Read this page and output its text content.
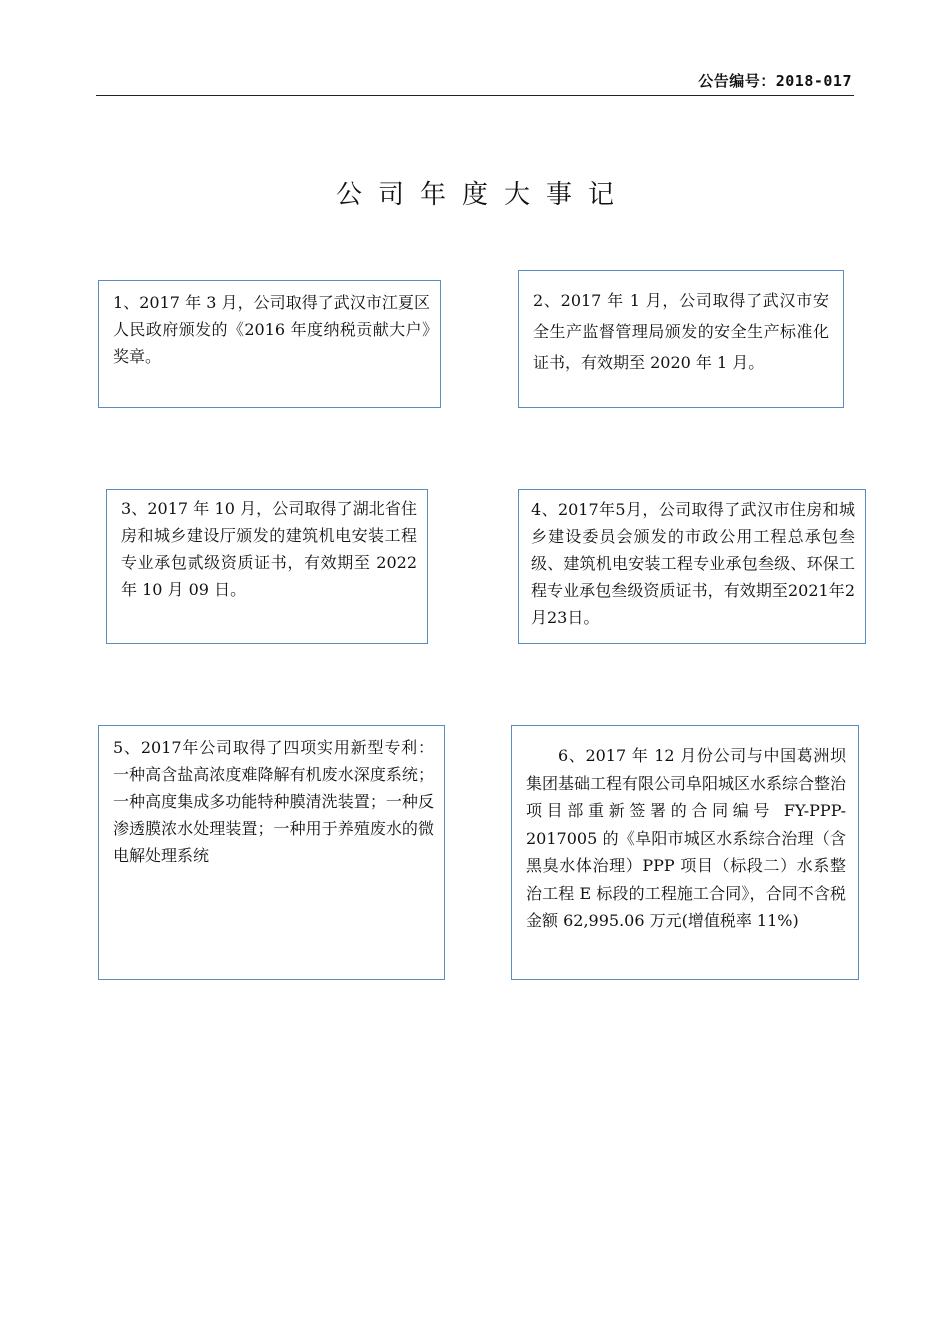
公告编号：2018-017
公司年度大事记

1、2017 年 3 月，公司取得了武汉市江夏区人民政府颁发的《2016 年度纳税贡献大户》奖章。

2、2017 年 1 月，公司取得了武汉市安全生产监督管理局颁发的安全生产标准化证书，有效期至 2020 年 1 月。

3、2017 年 10 月，公司取得了湖北省住房和城乡建设厅颁发的建筑机电安装工程专业承包贰级资质证书，有效期至 2022 年 10 月 09 日。

4、2017年5月，公司取得了武汉市住房和城乡建设委员会颁发的市政公用工程总承包叁级、建筑机电安装工程专业承包叁级、环保工程专业承包叁级资质证书，有效期至2021年2月23日。

5、2017年公司取得了四项实用新型专利：一种高含盐高浓度难降解有机废水深度系统；一种高度集成多功能特种膜清洗装置；一种反渗透膜浓水处理装置；一种用于养殖废水的微电解处理系统

6、2017 年 12 月份公司与中国葛洲坝集团基础工程有限公司阜阳城区水系综合整治项目部重新签署的合同编号 FY-PPP-2017005 的《阜阳市城区水系综合治理（含黑臭水体治理）PPP 项目（标段二）水系整治工程 E 标段的工程施工合同》，合同不含税金额 62,995.06 万元(增值税率 11%)
